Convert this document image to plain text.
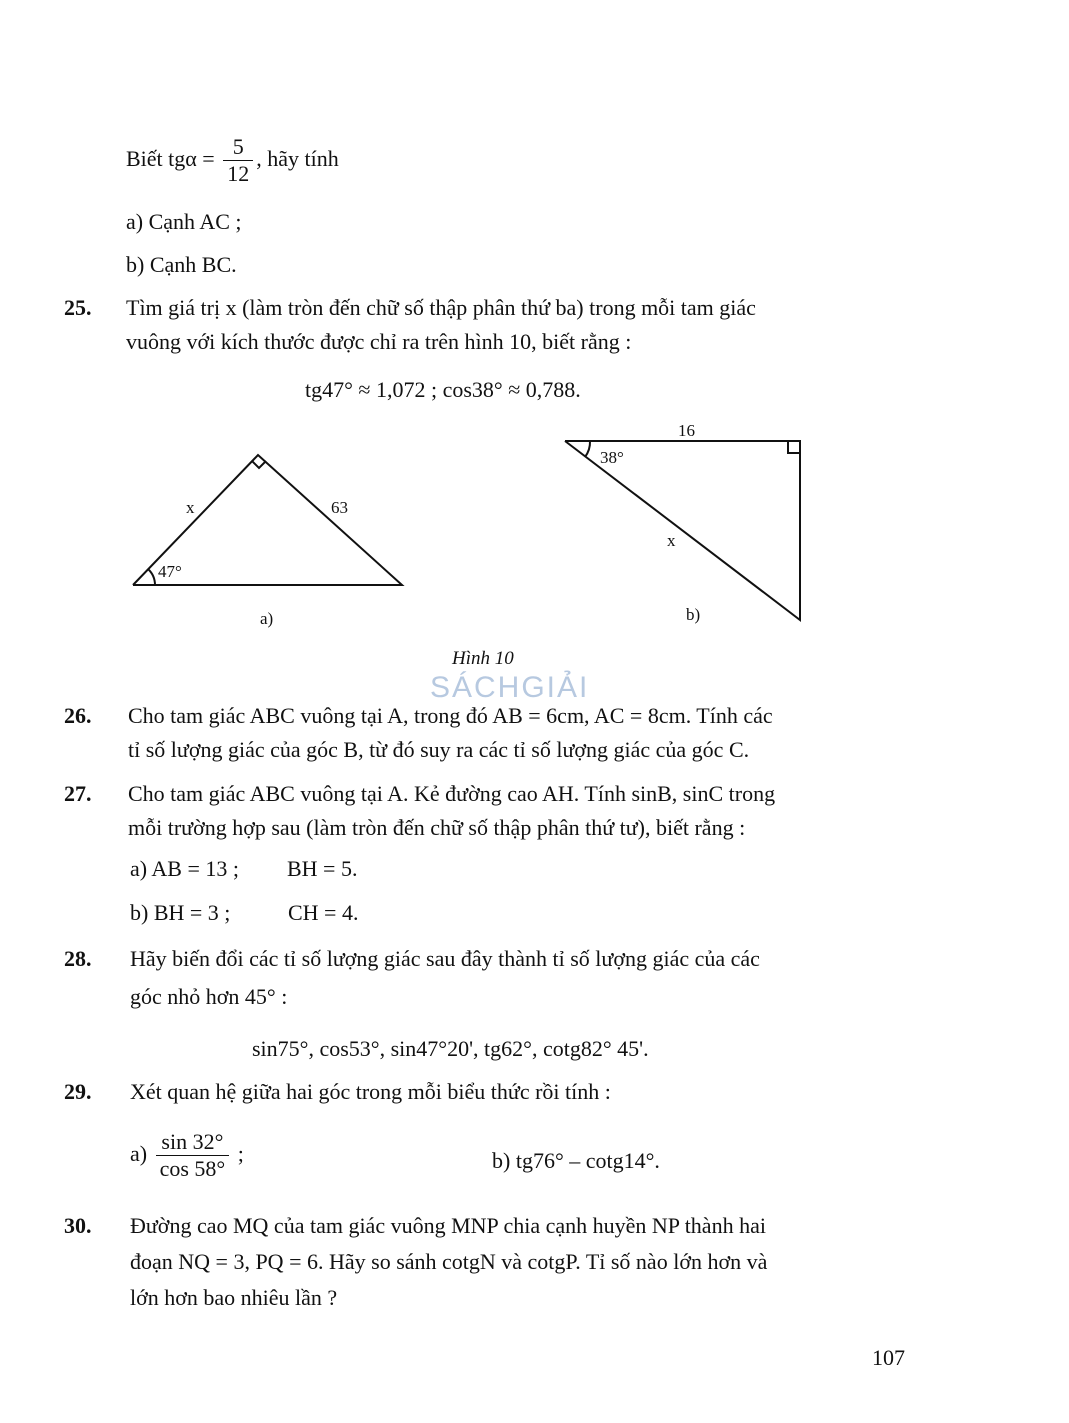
Biết $tg\alpha = \frac{5}{12}$ , hãy tính
a) Cạnh AC ;
b) Cạnh BC.
25. Tìm giá trị x (làm tròn đến chữ số thập phân thứ ba) trong mỗi tam giác
vuông với kích thước được chỉ ra trên hình 10, biết rằng :
tg47° ≈ 1,072 ; cos38° ≈ 0,788.
x	63
47°
a)
16
38°
x
b)
Hình 10
SÁCHGIẢI
26. Cho tam giác ABC vuông tại A, trong đó AB = 6cm, AC = 8cm. Tính các
tỉ số lượng giác của góc B, từ đó suy ra các tỉ số lượng giác của góc C.
27. Cho tam giác ABC vuông tại A. Kẻ đường cao AH. Tính sinB, sinC trong
mỗi trường hợp sau (làm tròn đến chữ số thập phân thứ tư), biết rằng :
a) AB = 13 ; BH = 5.
b) BH = 3 ;	CH = 4.
28. Hãy biến đổi các tỉ số lượng giác sau đây thành tỉ số lượng giác của các
góc nhỏ hơn 45° :
sin75°, cos53°, sin47°20', tg62°, cotg82° 45'.
29. Xét quan hệ giữa hai góc trong mỗi biểu thức rồi tính :
$a) \frac{\sin 32^\circ}{\cos 58^\circ}$ ;	b) tg76° – cotg14°.
30. Đường cao MQ của tam giác vuông MNP chia cạnh huyền NP thành hai
đoạn NQ = 3, PQ = 6. Hãy so sánh cotgN và cotgP. Tỉ số nào lớn hơn và
lớn hơn bao nhiêu lần ?
107
